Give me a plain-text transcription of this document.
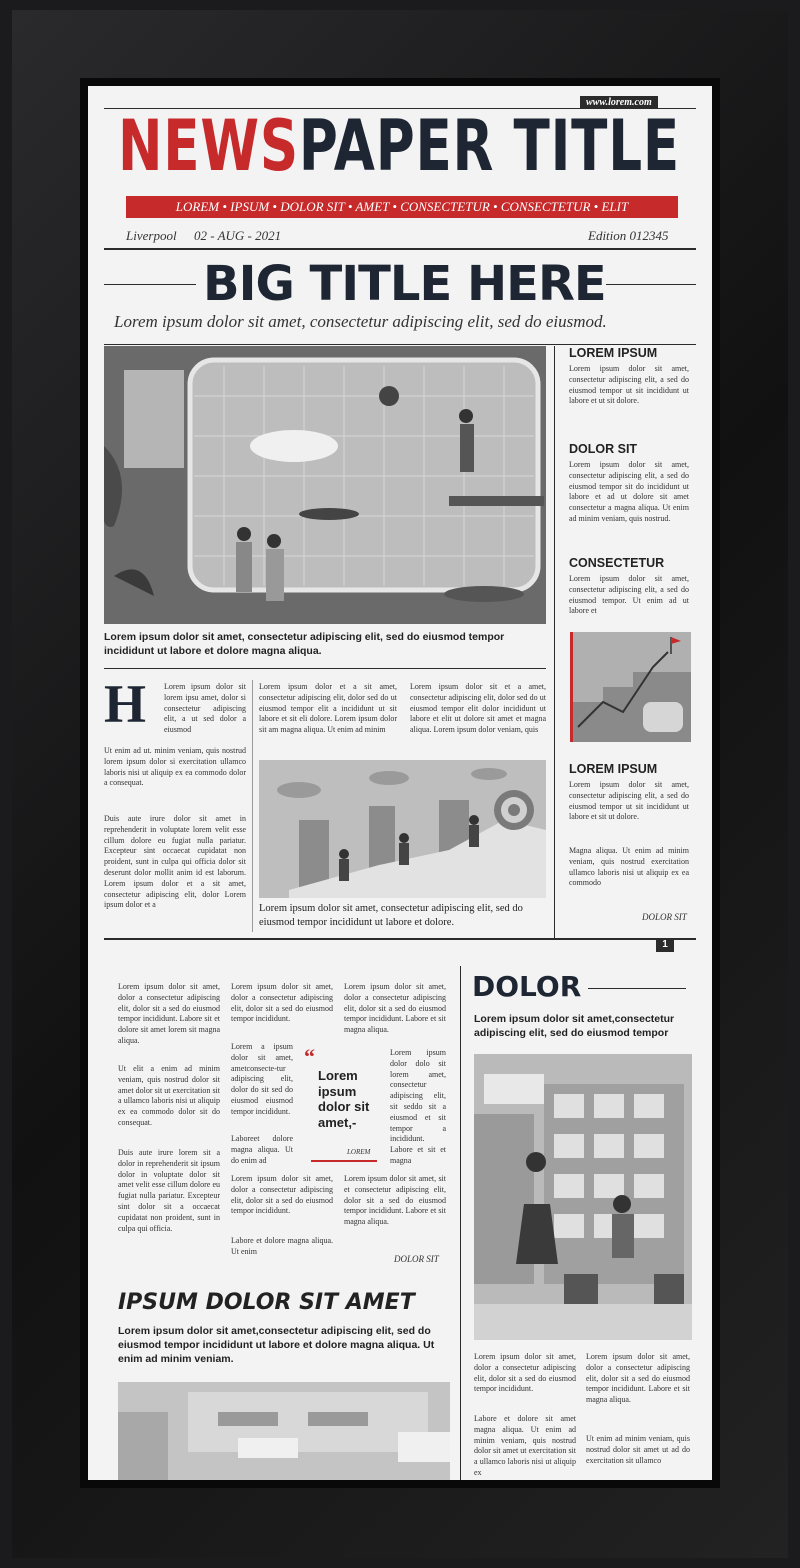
www.lorem.com
NEWSPAPER TITLE
LOREM • IPSUM • DOLOR SIT • AMET • CONSECTETUR • CONSECTETUR • ELIT
Liverpool 02 - AUG - 2021	Edition 012345
BIG TITLE HERE
Lorem ipsum dolor sit amet, consectetur adipiscing elit, sed do eiusmod.
Lorem ipsum dolor sit amet, consectetur adipiscing elit, sed do eiusmod tempor incididunt ut labore et dolore magna aliqua.
H Lorem ipsum dolor sit lorem ipsu amet, dolor si consectetur adipiscing elit, a ut sed dolor a eiusmod
Ut enim ad ut. minim veniam, quis nostrud lorem ipsum dolor si exercitation ullamco laboris nisi ut aliquip ex ea commodo dolor a consequat.
Duis aute irure dolor sit amet in reprehenderit in voluptate lorem velit esse cillum dolore eu fugiat nulla pariatur. Excepteur sint occaecat cupidatat non proident, sunt in culpa qui officia dolor sit deserunt dolor mollit anim id est laborum. Lorem ipsum dolor et a sit amet, consectetur adipiscing elit, dolor Lorem ipsum dolor et a
Lorem ipsum dolor et a sit amet, consectetur adipiscing elit, dolor sed do ut eiusmod tempor elit a incididunt ut sit labore et sit eli dolore. Lorem ipsum dolor sit am magna aliqua. Ut enim ad minim
Lorem ipsum dolor sit et a amet, consectetur adipiscing elit, dolor sed do ut eiusmod tempor elit dolor incididunt ut labore et elit ut dolore sit amet et magna aliqua. Lorem ipsum dolor veniam, quis
Lorem ipsum dolor sit amet, consectetur adipiscing elit, sed do eiusmod tempor incididunt ut labore et dolore.
LOREM IPSUM
Lorem ipsum dolor sit amet, consectetur adipiscing elit, a sed do eiusmod tempor ut sit incididunt ut labore et ut sit dolore.
DOLOR SIT
Lorem ipsum dolor sit amet, consectetur adipiscing elit, a sed do eiusmod tempor sit do incididunt ut labore et ad ut dolore sit amet consectetur a magna aliqua. Ut enim ad minim veniam, quis nostrud.
CONSECTETUR
Lorem ipsum dolor sit amet, consectetur adipiscing elit, a sed do eiusmod tempor. Ut enim ad ut labore et
LOREM IPSUM
Lorem ipsum dolor sit amet, consectetur adipiscing elit, a sed do eiusmod tempor ut sit incididunt ut labore et sit ut dolore.
Magna aliqua. Ut enim ad minim veniam, quis nostrud exercitation ullamco laboris nisi ut aliquip ex ea commodo
DOLOR SIT
1
Lorem ipsum dolor sit amet, dolor a consectetur adipiscing elit, dolor sit a sed do eiusmod tempor incididunt. Labore sit et dolore sit amet lorem sit magna aliqua.
Ut elit a enim ad minim veniam, quis nostrud dolor sit amet dolor sit ut exercitation sit a ullamco laboris nisi ut aliquip ex ea commodo dolor sit do consequat.
Duis aute irure lorem sit a dolor in reprehenderit sit ipsum dolor in voluptate dolor sit amet velit esse cillum dolore eu fugiat nulla pariatur. Excepteur sint dolor sit a occaecat cupidatat non proident, sunt in culpa qui officia.
Lorem ipsum dolor sit amet, dolor a consectetur adipiscing elit, dolor sit a sed do eiusmod tempor incididunt.
Lorem a ipsum dolor sit amet, ametconsecte-tur adipiscing elit, dolor do sit sed do eiusmod eiusmod tempor incididunt.
Laboreet dolore magna aliqua. Ut do enim ad
Lorem ipsum dolor sit amet, dolor a consectetur adipiscing elit, dolor sit a sed do eiusmod tempor incididunt.
Labore et dolore magna aliqua. Ut enim
“
Lorem ipsum dolor sit amet,-
LOREM
Lorem ipsum dolor sit amet, dolor a consectetur adipiscing elit, dolor sit a sed do eiusmod tempor incididunt. Labore et sit magna aliqua.
Lorem ipsum dolor dolo sit lorem amet, consectetur adipiscing elit, sit seddo sit a eiusmod et sit tempor a incididunt. Labore et sit et magna
Lorem ipsum dolor sit amet, sit et consectetur adipiscing elit, dolor sit a sed do eiusmod tempor incididunt. Labore et sit magna aliqua.
DOLOR SIT
IPSUM DOLOR SIT AMET
Lorem ipsum dolor sit amet,consectetur adipiscing elit, sed do eiusmod tempor incididunt ut labore et dolore magna aliqua. Ut enim ad minim veniam.
DOLOR
Lorem ipsum dolor sit amet,consectetur adipiscing elit, sed do eiusmod tempor
Lorem ipsum dolor sit amet, dolor a consectetur adipiscing elit, dolor sit a sed do eiusmod tempor incididunt.
Labore et dolore sit amet magna aliqua. Ut enim ad minim veniam, quis nostrud dolor sit amet ut exercitation sit a ullamco laboris nisi ut aliquip ex
Lorem ipsum dolor sit amet, dolor a consectetur adipiscing elit, dolor sit a sed do eiusmod tempor incididunt. Labore et sit magna aliqua.
Ut enim ad minim veniam, quis nostrud dolor sit amet ut ad do exercitation sit ullamco
